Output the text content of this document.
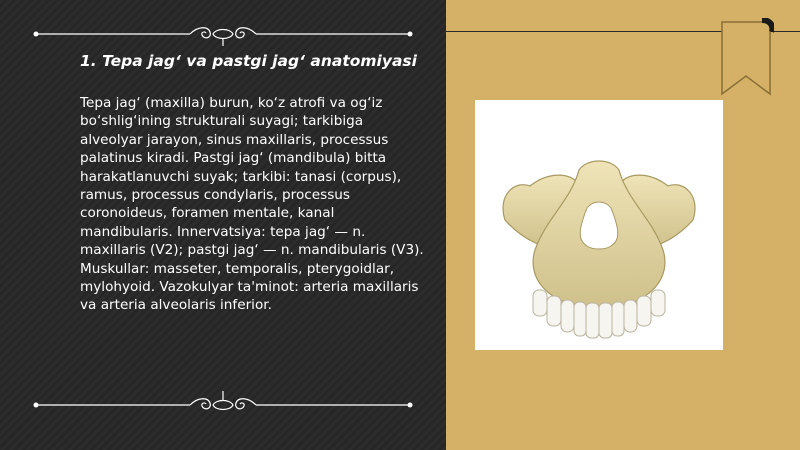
1. Tepa jag‘ va pastgi jag‘ anatomiyasi
Tepa jag‘ (maxilla) burun, ko‘z atrofi va og‘iz bo‘shlig‘ining strukturali suyagi; tarkibiga alveolyar jarayon, sinus maxillaris, processus palatinus kiradi. Pastgi jag‘ (mandibula) bitta harakatlanuvchi suyak; tarkibi: tanasi (corpus), ramus, processus condylaris, processus coronoideus, foramen mentale, kanal mandibularis. Innervatsiya: tepa jag‘ — n. maxillaris (V2); pastgi jag‘ — n. mandibularis (V3). Muskullar: masseter, temporalis, pterygoidlar, mylohyoid. Vazokulyar ta'minot: arteria maxillaris va arteria alveolaris inferior.
